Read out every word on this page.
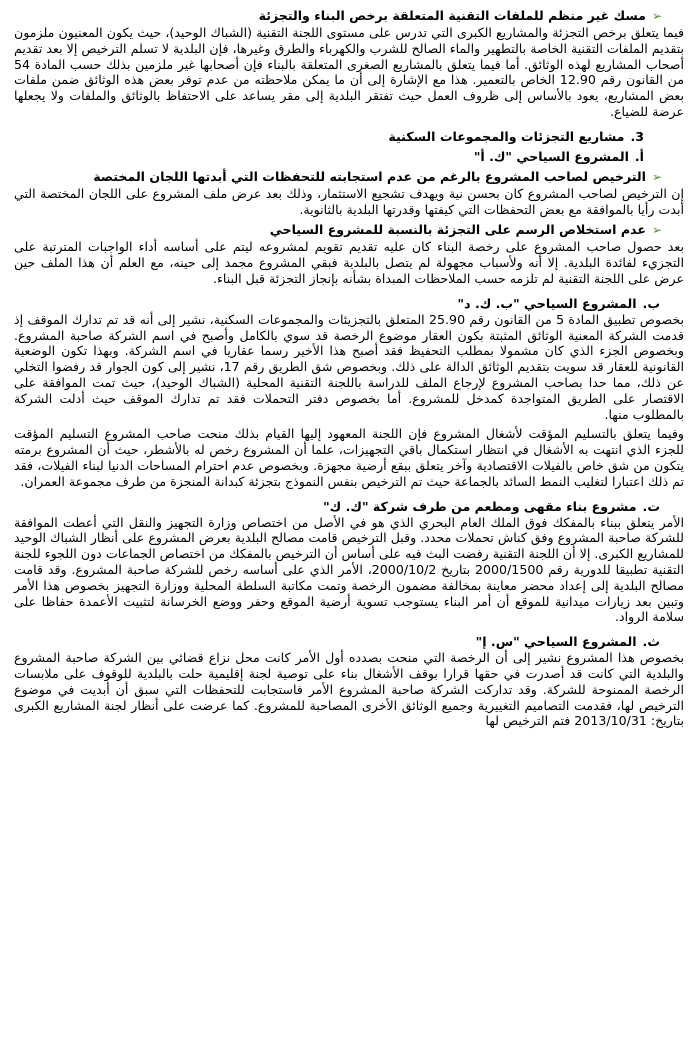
➢
مسك غير منظم للملفات التقنية المتعلقة برخص البناء والتجزئة

فيما يتعلق برخص التجزئة والمشاريع الكبرى التي تدرس على مستوى اللجنة التقنية (الشباك الوحيد)، حيث يكون المعنيون ملزمون بتقديم الملفات التقنية الخاصة بالتطهير والماء الصالح للشرب والكهرباء والطرق وغيرها، فإن البلدية لا تسلم الترخيص إلا بعد تقديم أصحاب المشاريع لهذه الوثائق. أما فيما يتعلق بالمشاريع الصغرى المتعلقة بالبناء فإن أصحابها غير ملزمين بذلك حسب المادة 54 من القانون رقم 12.90 الخاص بالتعمير. هذا مع الإشارة إلى أن ما يمكن ملاحظته من عدم توفر بعض هذه الوثائق ضمن ملفات بعض المشاريع، يعود بالأساس إلى ظروف العمل حيث تفتقر البلدية إلى مقر يساعد على الاحتفاظ بالوثائق والملفات ولا يجعلها عرضة للضياع.

3.
مشاريع التجزئات والمجموعات السكنية
أ.
المشروع السياحي "ك. أ"
➢
الترخيص لصاحب المشروع بالرغم من عدم استجابته للتحفظات التي أبدتها اللجان المختصة

إن الترخيص لصاحب المشروع كان بحسن نية ويهدف تشجيع الاستثمار، وذلك بعد عرض ملف المشروع على اللجان المختصة التي أبدت رأيا بالموافقة مع بعض التحفظات التي كيفتها وقدرتها البلدية بالثانوية.

➢
عدم استخلاص الرسم على التجزئة بالنسبة للمشروع السياحي

بعد حصول صاحب المشروع على رخصة البناء كان عليه تقديم تقويم لمشروعه ليتم على أساسه أداء الواجبات المترتبة على التجزيء لفائدة البلدية. إلا أنه ولأسباب مجهولة لم يتصل بالبلدية فبقي المشروع مجمد إلى حينه، مع العلم أن هذا الملف حين عرض على اللجنة التقنية لم تلزمه حسب الملاحظات المبداة بشأنه بإنجاز التجزئة قبل البناء.

ب.
المشروع السياحي "ب. ك. د"

بخصوص تطبيق المادة 5 من القانون رقم 25.90 المتعلق بالتجزيئات والمجموعات السكنية، نشير إلى أنه قد تم تدارك الموقف إذ قدمت الشركة المعنية الوثائق المثبتة بكون العقار موضوع الرخصة قد سوي بالكامل وأصبح في اسم الشركة صاحبة المشروع. وبخصوص الجزء الذي كان مشمولا بمطلب التحفيظ فقد أصبح هذا الأخير رسما عقاريا في اسم الشركة. وبهذا تكون الوضعية القانونية للعقار قد سويت بتقديم الوثائق الدالة على ذلك. وبخصوص شق الطريق رقم 17، نشير إلى كون الجوار قد رفضوا التخلي عن ذلك، مما حدا بصاحب المشروع لإرجاع الملف للدراسة باللجنة التقنية المحلية (الشباك الوحيد)، حيث تمت الموافقة على الاقتصار على الطريق المتواجدة كمدخل للمشروع. أما بخصوص دفتر التحملات فقد تم تدارك الموقف حيث أدلت الشركة بالمطلوب منها.

وفيما يتعلق بالتسليم المؤقت لأشغال المشروع فإن اللجنة المعهود إليها القيام بذلك منحت صاحب المشروع التسليم المؤقت للجزء الذي انتهت به الأشغال في انتظار استكمال باقي التجهيزات، علما أن المشروع رخص له بالأشطر، حيث أن المشروع برمته يتكون من شق خاص بالفيلات الاقتصادية وآخر يتعلق ببقع أرضية مجهزة. وبخصوص عدم احترام المساحات الدنيا لبناء الفيلات، فقد تم ذلك اعتبارا لتغليب النمط السائد بالجماعة حيث تم الترخيص بنفس النموذج بتجزئة كبدانة المنجزة من طرف مجموعة العمران.

ت.
مشروع بناء مقهى ومطعم من طرف شركة "ك. ك"

الأمر يتعلق ببناء بالمفكك فوق الملك العام البحري الذي هو في الأصل من اختصاص وزارة التجهيز والنقل التي أعطت الموافقة للشركة صاحبة المشروع وفق كناش تحملات محدد. وقبل الترخيص قامت مصالح البلدية بعرض المشروع على أنظار الشباك الوحيد للمشاريع الكبرى. إلا أن اللجنة التقنية رفضت البث فيه على أساس أن الترخيص بالمفكك من اختصاص الجماعات دون اللجوء للجنة التقنية تطبيقا للدورية رقم 2000/1500 بتاريخ 2000/10/2، الأمر الذي على أساسه رخص للشركة صاحبة المشروع. وقد قامت مصالح البلدية إلى إعداد محضر معاينة بمخالفة مضمون الرخصة وتمت مكاتبة السلطة المحلية ووزارة التجهيز بخصوص هذا الأمر وتبين بعد زيارات ميدانية للموقع أن أمر البناء يستوجب تسوية أرضية الموقع وحفر ووضع الخرسانة لتثبيت الأعمدة حفاظا على سلامة الرواد.

ث.
المشروع السياحي "س. إ"

بخصوص هذا المشروع نشير إلى أن الرخصة التي منحت بصدده أول الأمر كانت محل نزاع قضائي بين الشركة صاحبة المشروع والبلدية التي كانت قد أصدرت في حقها قرارا بوقف الأشغال بناء على توصية لجنة إقليمية حلت بالبلدية للوقوف على ملابسات الرخصة الممنوحة للشركة. وقد تداركت الشركة صاحبة المشروع الأمر فاستجابت للتحفظات التي سبق أن أبديت في موضوع الترخيص لها، فقدمت التصاميم التغييرية وجميع الوثائق الأخرى المصاحبة للمشروع. كما عرضت على أنظار لجنة المشاريع الكبرى بتاريخ: 2013/10/31 فتم الترخيص لها
